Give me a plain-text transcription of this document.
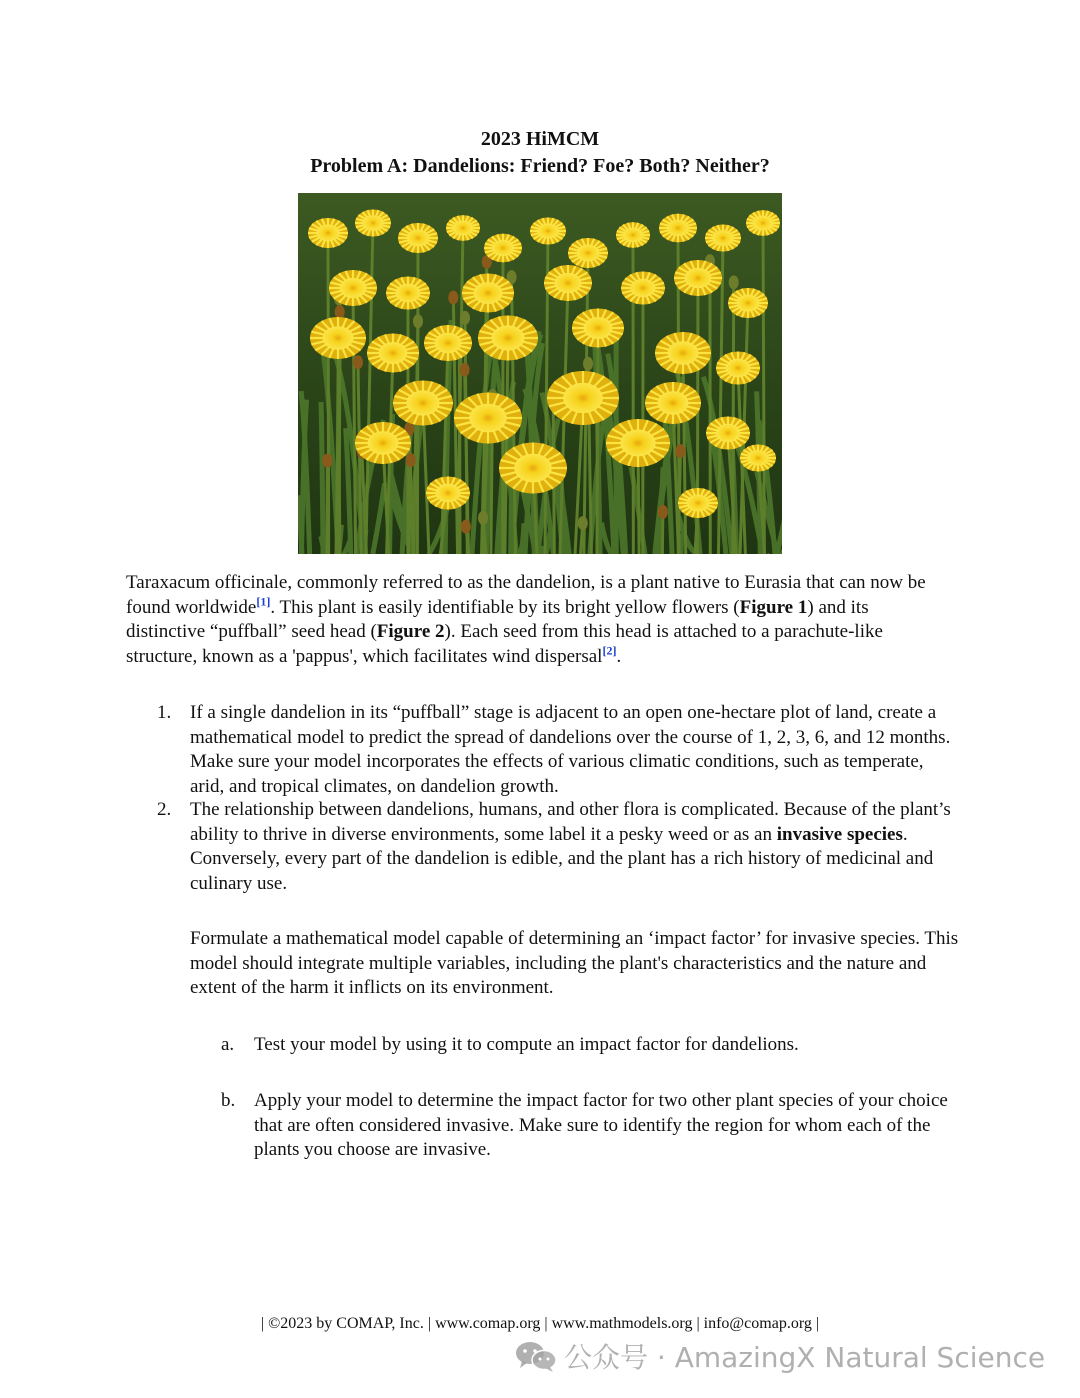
2023 HiMCM
Problem A: Dandelions: Friend? Foe? Both? Neither?

Taraxacum officinale, commonly referred to as the dandelion, is a plant native to Eurasia that can now be found worldwide[1]. This plant is easily identifiable by its bright yellow flowers (Figure 1) and its distinctive “puffball” seed head (Figure 2). Each seed from this head is attached to a parachute-like structure, known as a 'pappus', which facilitates wind dispersal[2].

1. If a single dandelion in its “puffball” stage is adjacent to an open one-hectare plot of land, create a mathematical model to predict the spread of dandelions over the course of 1, 2, 3, 6, and 12 months. Make sure your model incorporates the effects of various climatic conditions, such as temperate, arid, and tropical climates, on dandelion growth.

2. The relationship between dandelions, humans, and other flora is complicated. Because of the plant’s ability to thrive in diverse environments, some label it a pesky weed or as an invasive species. Conversely, every part of the dandelion is edible, and the plant has a rich history of medicinal and culinary use.

Formulate a mathematical model capable of determining an ‘impact factor’ for invasive species. This model should integrate multiple variables, including the plant's characteristics and the nature and extent of the harm it inflicts on its environment.

a. Test your model by using it to compute an impact factor for dandelions.

b. Apply your model to determine the impact factor for two other plant species of your choice that are often considered invasive. Make sure to identify the region for whom each of the plants you choose are invasive.

| ©2023 by COMAP, Inc. | www.comap.org | www.mathmodels.org | info@comap.org |
公众号 · AmazingX Natural Science
